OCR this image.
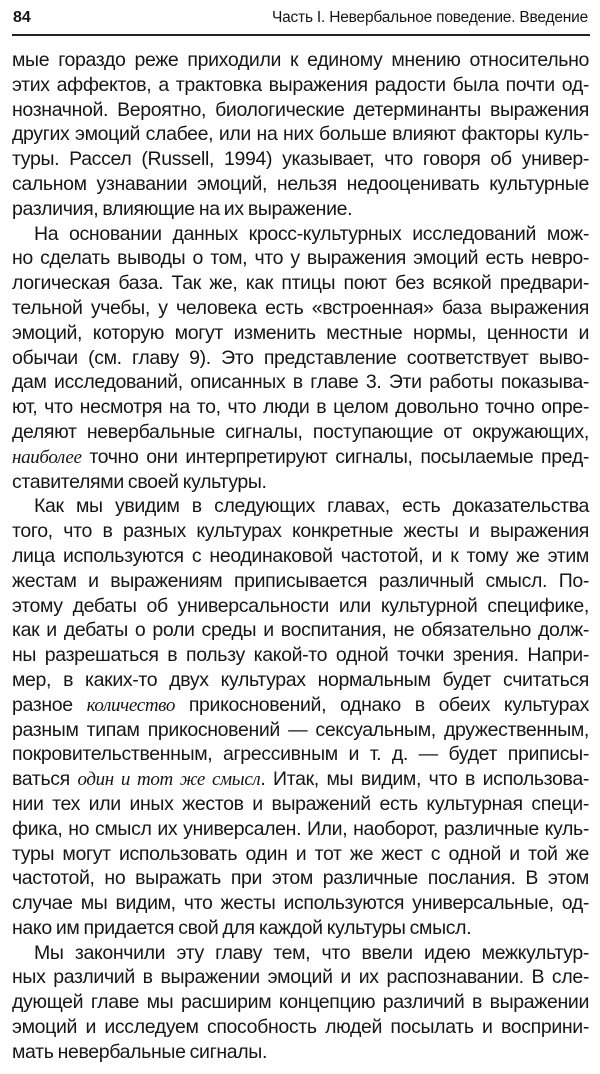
84	Часть I. Невербальное поведение. Введение
мые гораздо реже приходили к единому мнению относительно
этих аффектов, а трактовка выражения радости была почти од-
нозначной. Вероятно, биологические детерминанты выражения
других эмоций слабее, или на них больше влияют факторы куль-
туры. Рассел (Russell, 1994) указывает, что говоря об универ-
сальном узнавании эмоций, нельзя недооценивать культурные
различия, влияющие на их выражение.
На основании данных кросс-культурных исследований мож-
но сделать выводы о том, что у выражения эмоций есть невро-
логическая база. Так же, как птицы поют без всякой предвари-
тельной учебы, у человека есть «встроенная» база выражения
эмоций, которую могут изменить местные нормы, ценности и
обычаи (см. главу 9). Это представление соответствует выво-
дам исследований, описанных в главе 3. Эти работы показыва-
ют, что несмотря на то, что люди в целом довольно точно опре-
деляют невербальные сигналы, поступающие от окружающих,
наиболее точно они интерпретируют сигналы, посылаемые пред-
ставителями своей культуры.
Как мы увидим в следующих главах, есть доказательства
того, что в разных культурах конкретные жесты и выражения
лица используются с неодинаковой частотой, и к тому же этим
жестам и выражениям приписывается различный смысл. По-
этому дебаты об универсальности или культурной специфике,
как и дебаты о роли среды и воспитания, не обязательно долж-
ны разрешаться в пользу какой-то одной точки зрения. Напри-
мер, в каких-то двух культурах нормальным будет считаться
разное количество прикосновений, однако в обеих культурах
разным типам прикосновений — сексуальным, дружественным,
покровительственным, агрессивным и т. д. — будет приписы-
ваться один и тот же смысл. Итак, мы видим, что в использова-
нии тех или иных жестов и выражений есть культурная специ-
фика, но смысл их универсален. Или, наоборот, различные куль-
туры могут использовать один и тот же жест с одной и той же
частотой, но выражать при этом различные послания. В этом
случае мы видим, что жесты используются универсальные, од-
нако им придается свой для каждой культуры смысл.
Мы закончили эту главу тем, что ввели идею межкультур-
ных различий в выражении эмоций и их распознавании. В сле-
дующей главе мы расширим концепцию различий в выражении
эмоций и исследуем способность людей посылать и восприни-
мать невербальные сигналы.
